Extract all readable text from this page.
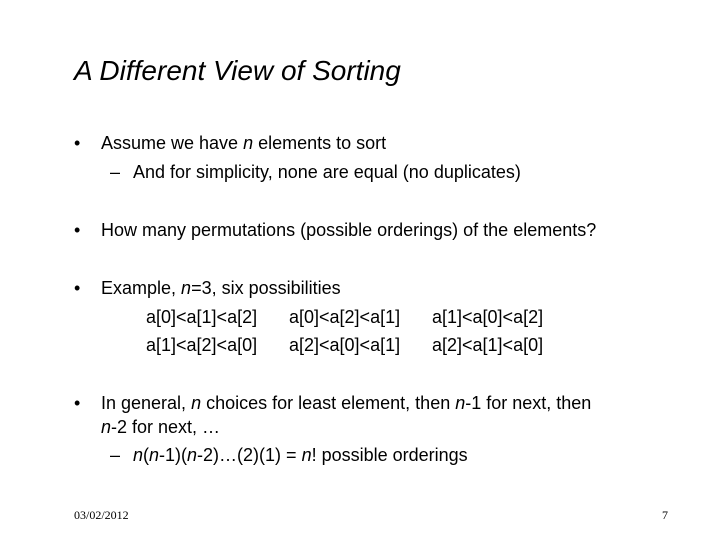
A Different View of Sorting
• Assume we have n elements to sort
– And for simplicity, none are equal (no duplicates)
• How many permutations (possible orderings) of the elements?
• Example, n=3, six possibilities
a[0]<a[1]<a[2] a[0]<a[2]<a[1] a[1]<a[0]<a[2]
a[1]<a[2]<a[0] a[2]<a[0]<a[1] a[2]<a[1]<a[0]
• In general, n choices for least element, then n-1 for next, then
n-2 for next, …
– n(n-1)(n-2)…(2)(1) = n! possible orderings
03/02/2012	7
